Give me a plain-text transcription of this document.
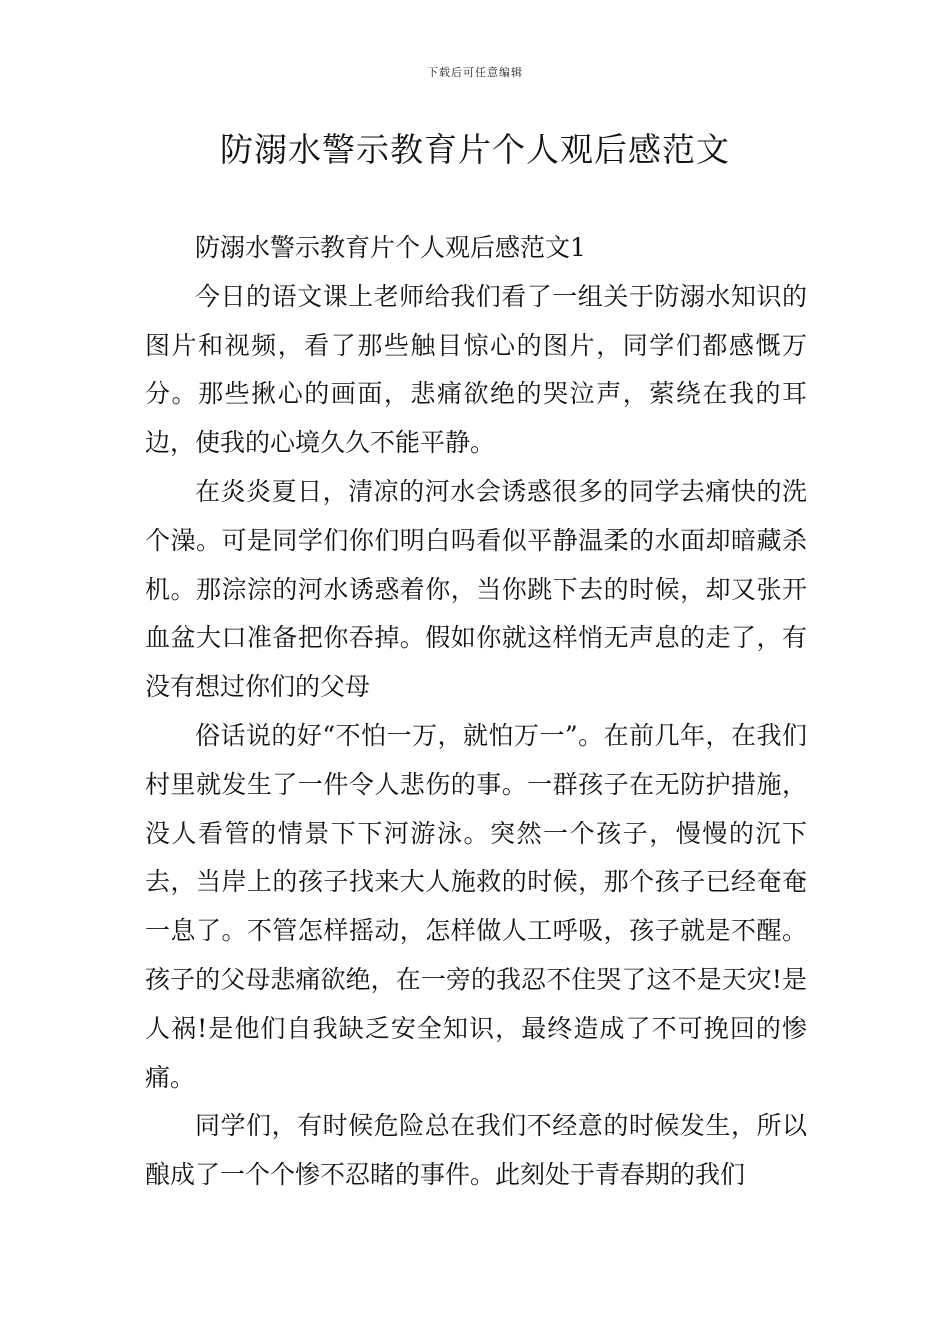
下载后可任意编辑
防溺水警示教育片个人观后感范文

防溺水警示教育片个人观后感范文1

今日的语文课上老师给我们看了一组关于防溺水知识的图片和视频，看了那些触目惊心的图片，同学们都感慨万分。那些揪心的画面，悲痛欲绝的哭泣声，萦绕在我的耳边，使我的心境久久不能平静。

在炎炎夏日，清凉的河水会诱惑很多的同学去痛快的洗个澡。可是同学们你们明白吗看似平静温柔的水面却暗藏杀机。那淙淙的河水诱惑着你，当你跳下去的时候，却又张开血盆大口准备把你吞掉。假如你就这样悄无声息的走了，有没有想过你们的父母

俗话说的好“不怕一万，就怕万一”。在前几年，在我们村里就发生了一件令人悲伤的事。一群孩子在无防护措施，没人看管的情景下下河游泳。突然一个孩子，慢慢的沉下去，当岸上的孩子找来大人施救的时候，那个孩子已经奄奄一息了。不管怎样摇动，怎样做人工呼吸，孩子就是不醒。孩子的父母悲痛欲绝，在一旁的我忍不住哭了这不是天灾!是人祸!是他们自我缺乏安全知识，最终造成了不可挽回的惨痛。

同学们，有时候危险总在我们不经意的时候发生，所以酿成了一个个惨不忍睹的事件。此刻处于青春期的我们
